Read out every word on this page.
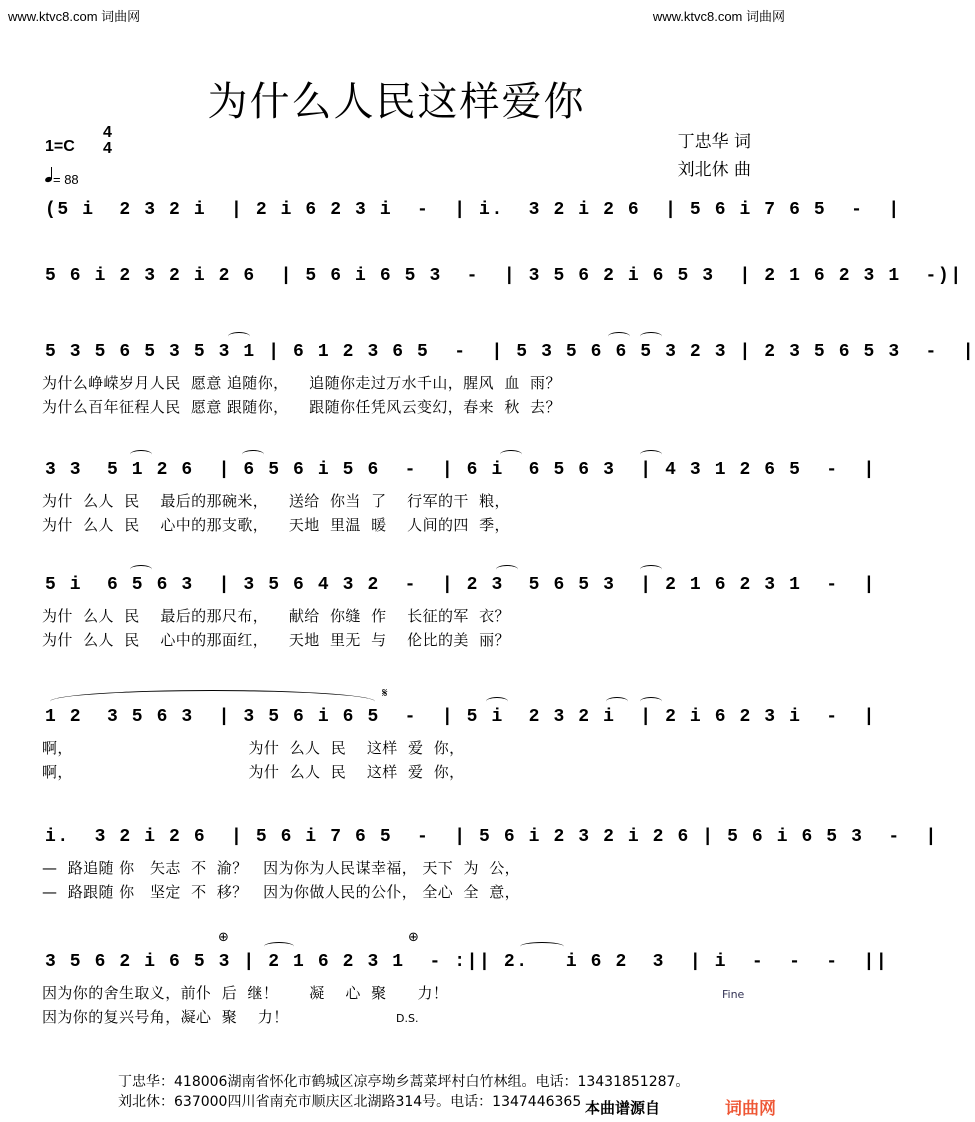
www.ktvc8.com 词曲网	www.ktvc8.com 词曲网
为什么人民这样爱你
1=C
4
4
= 88
丁忠华 词
刘北休 曲
(5 i  2 3 2 i  | 2 i 6 2 3 i  -  | i.  3 2 i 2 6  | 5 6 i 7 6 5  -  |
5 6 i 2 3 2 i 2 6  | 5 6 i 6 5 3  -  | 3 5 6 2 i 6 5 3  | 2 1 6 2 3 1  -)|
5 3 5 6 5 3 5 3 1 | 6 1 2 3 6 5  -  | 5 3 5 6 6 5 3 2 3 | 2 3 5 6 5 3  -  |
为什么峥嵘岁月人民  愿意 追随你，    追随你走过万水千山，腥风  血  雨？
为什么百年征程人民  愿意 跟随你，    跟随你任凭风云变幻，春来  秋  去？
3 3  5 1 2 6  | 6 5 6 i 5 6  -  | 6 i  6 5 6 3  | 4 3 1 2 6 5  -  |
为什  么人  民    最后的那碗米，    送给  你当  了    行军的干  粮，
为什  么人  民    心中的那支歌，    天地  里温  暖    人间的四  季，
5 i  6 5 6 3  | 3 5 6 4 3 2  -  | 2 3  5 6 5 3  | 2 1 6 2 3 1  -  |
为什  么人  民    最后的那尺布，    献给  你缝  作    长征的军  衣？
为什  么人  民    心中的那面红，    天地  里无  与    伦比的美  丽？
𝄋
1 2  3 5 6 3  | 3 5 6 i 6 5  -  | 5 i  2 3 2 i  | 2 i 6 2 3 i  -  |
啊，                                  为什  么人  民    这样  爱  你，
啊，                                  为什  么人  民    这样  爱  你，
i.  3 2 i 2 6  | 5 6 i 7 6 5  -  | 5 6 i 2 3 2 i 2 6 | 5 6 i 6 5 3  -  |
—  路追随 你   矢志  不  渝？   因为你为人民谋幸福， 天下  为  公，
—  路跟随 你   坚定  不  移？   因为你做人民的公仆， 全心  全  意，
⊕	⊕
3 5 6 2 i 6 5 3 | 2 1 6 2 3 1  - :|| 2.   i 6 2  3  | i  -  -  -  ||
因为你的舍生取义，前仆  后  继！      凝    心  聚      力！
因为你的复兴号角，凝心  聚    力！
Fine
D.S.
丁忠华：418006湖南省怀化市鹤城区凉亭坳乡蒿菜坪村白竹林组。电话：13431851287。
刘北休：637000四川省南充市顺庆区北湖路314号。电话：1347446365 本曲谱源自	词曲网
